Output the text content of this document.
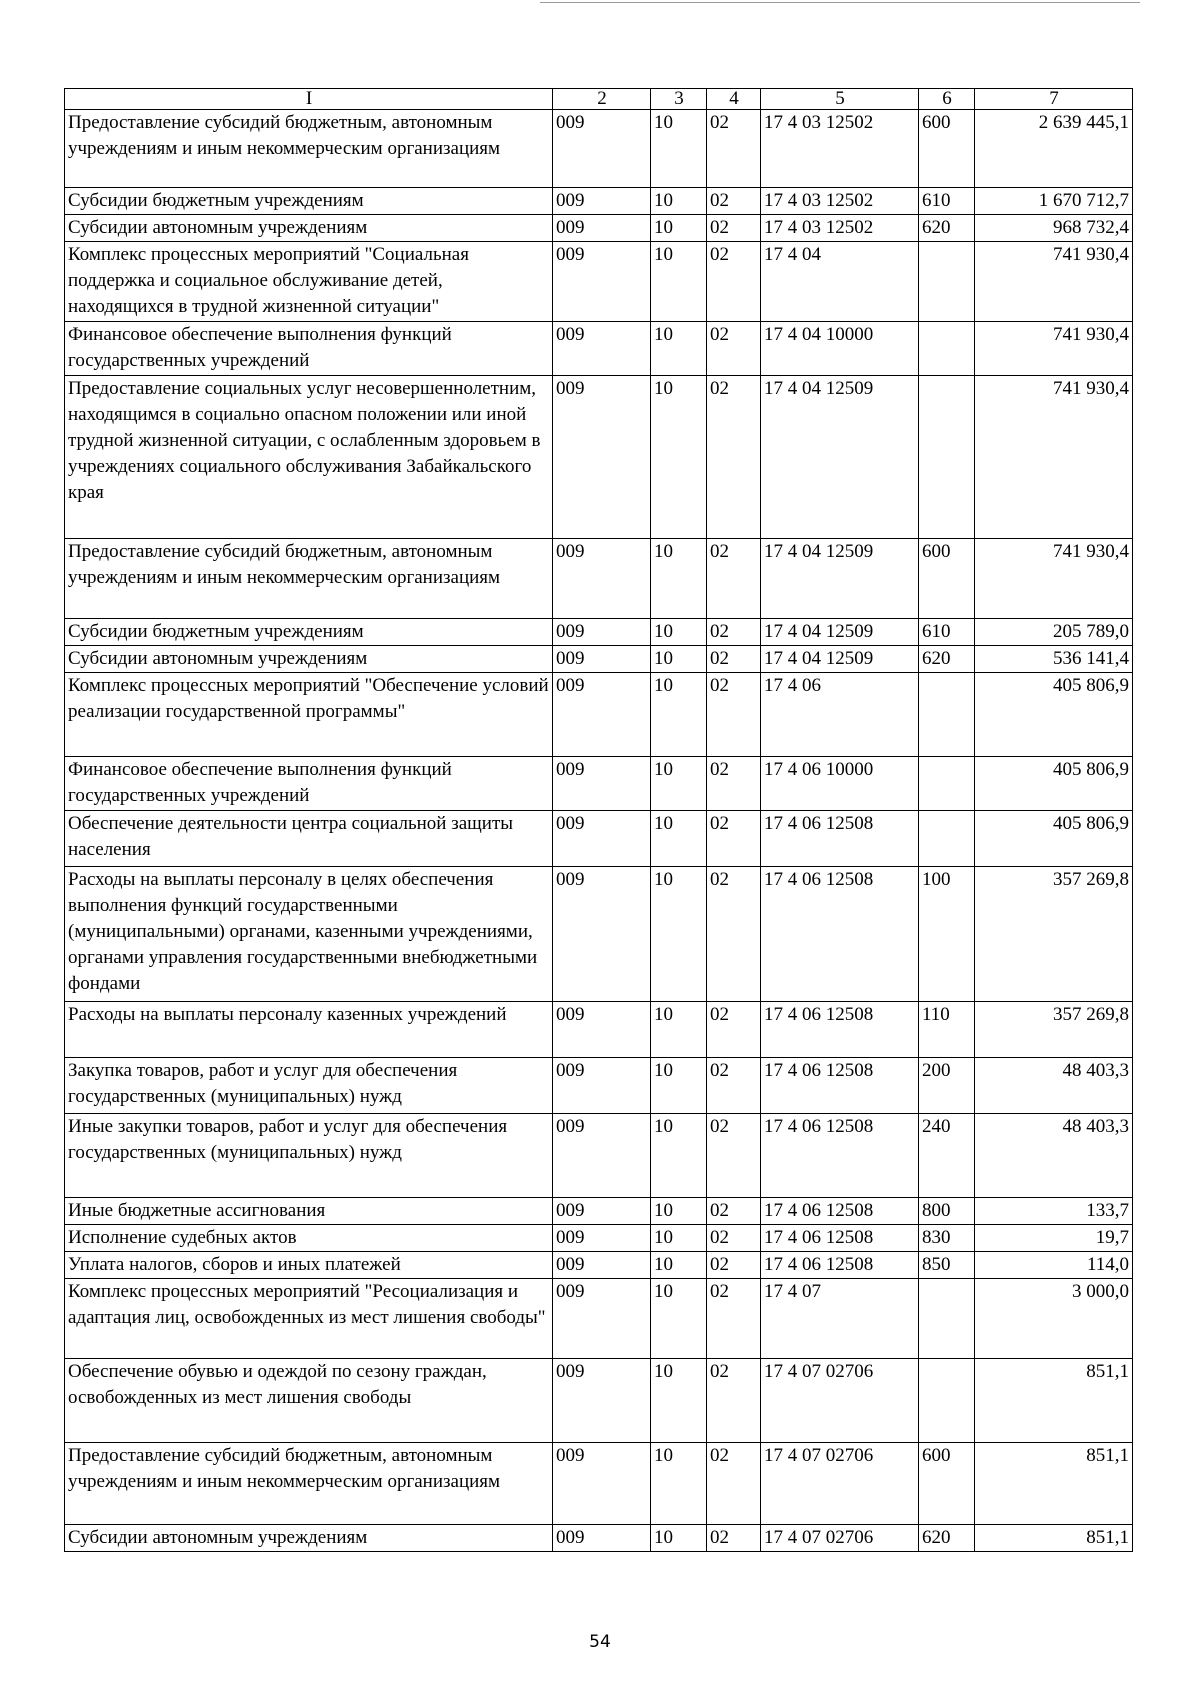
I	2	3	4	5	6	7
Предоставление субсидий бюджетным, автономным учреждениям и иным некоммерческим организациям	009	10	02	17 4 03 12502	600	2 639 445,1
Субсидии бюджетным учреждениям	009	10	02	17 4 03 12502	610	1 670 712,7
Субсидии автономным учреждениям	009	10	02	17 4 03 12502	620	968 732,4
Комплекс процессных мероприятий "Социальная поддержка и социальное обслуживание детей, находящихся в трудной жизненной ситуации"	009	10	02	17 4 04		741 930,4
Финансовое обеспечение выполнения функций государственных учреждений	009	10	02	17 4 04 10000		741 930,4
Предоставление социальных услуг несовершеннолетним, находящимся в социально опасном положении или иной трудной жизненной ситуации, с ослабленным здоровьем в учреждениях социального обслуживания Забайкальского края	009	10	02	17 4 04 12509		741 930,4
Предоставление субсидий бюджетным, автономным учреждениям и иным некоммерческим организациям	009	10	02	17 4 04 12509	600	741 930,4
Субсидии бюджетным учреждениям	009	10	02	17 4 04 12509	610	205 789,0
Субсидии автономным учреждениям	009	10	02	17 4 04 12509	620	536 141,4
Комплекс процессных мероприятий "Обеспечение условий реализации государственной программы"	009	10	02	17 4 06		405 806,9
Финансовое обеспечение выполнения функций государственных учреждений	009	10	02	17 4 06 10000		405 806,9
Обеспечение деятельности центра социальной защиты населения	009	10	02	17 4 06 12508		405 806,9
Расходы на выплаты персоналу в целях обеспечения выполнения функций государственными (муниципальными) органами, казенными учреждениями, органами управления государственными внебюджетными фондами	009	10	02	17 4 06 12508	100	357 269,8
Расходы на выплаты персоналу казенных учреждений	009	10	02	17 4 06 12508	110	357 269,8
Закупка товаров, работ и услуг для обеспечения государственных (муниципальных) нужд	009	10	02	17 4 06 12508	200	48 403,3
Иные закупки товаров, работ и услуг для обеспечения государственных (муниципальных) нужд	009	10	02	17 4 06 12508	240	48 403,3
Иные бюджетные ассигнования	009	10	02	17 4 06 12508	800	133,7
Исполнение судебных актов	009	10	02	17 4 06 12508	830	19,7
Уплата налогов, сборов и иных платежей	009	10	02	17 4 06 12508	850	114,0
Комплекс процессных мероприятий "Ресоциализация и адаптация лиц, освобожденных из мест лишения свободы"	009	10	02	17 4 07		3 000,0
Обеспечение обувью и одеждой по сезону граждан, освобожденных из мест лишения свободы	009	10	02	17 4 07 02706		851,1
Предоставление субсидий бюджетным, автономным учреждениям и иным некоммерческим организациям	009	10	02	17 4 07 02706	600	851,1
Субсидии автономным учреждениям	009	10	02	17 4 07 02706	620	851,1
54
